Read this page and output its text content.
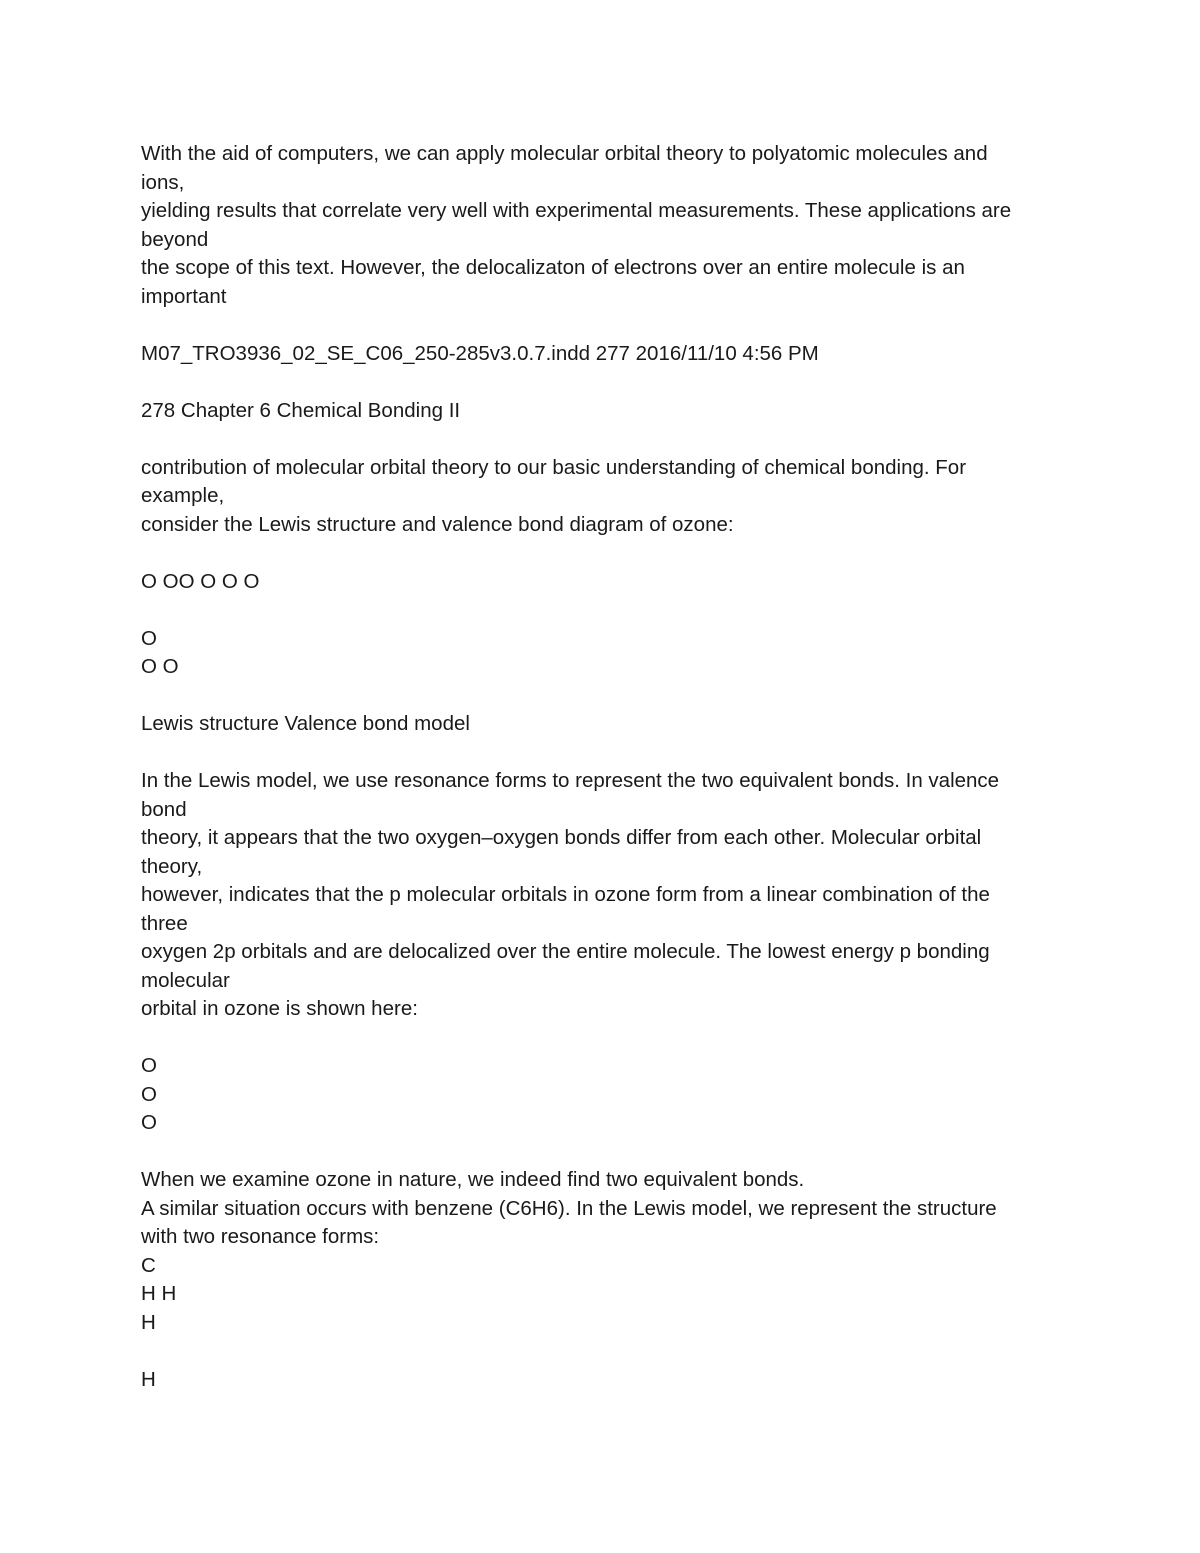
With the aid of computers, we can apply molecular orbital theory to polyatomic molecules and
ions,
yielding results that correlate very well with experimental measurements. These applications are
beyond
the scope of this text. However, the delocalizaton of electrons over an entire molecule is an
important
M07_TRO3936_02_SE_C06_250-285v3.0.7.indd 277 2016/11/10 4:56 PM
278 Chapter 6 Chemical Bonding II
contribution of molecular orbital theory to our basic understanding of chemical bonding. For
example,
consider the Lewis structure and valence bond diagram of ozone:
O OO O O O
O
O O
Lewis structure Valence bond model
In the Lewis model, we use resonance forms to represent the two equivalent bonds. In valence
bond
theory, it appears that the two oxygen–oxygen bonds differ from each other. Molecular orbital
theory,
however, indicates that the p molecular orbitals in ozone form from a linear combination of the
three
oxygen 2p orbitals and are delocalized over the entire molecule. The lowest energy p bonding
molecular
orbital in ozone is shown here:
O
O
O
When we examine ozone in nature, we indeed find two equivalent bonds.
A similar situation occurs with benzene (C6H6). In the Lewis model, we represent the structure
with two resonance forms:
C
H H
H
H
